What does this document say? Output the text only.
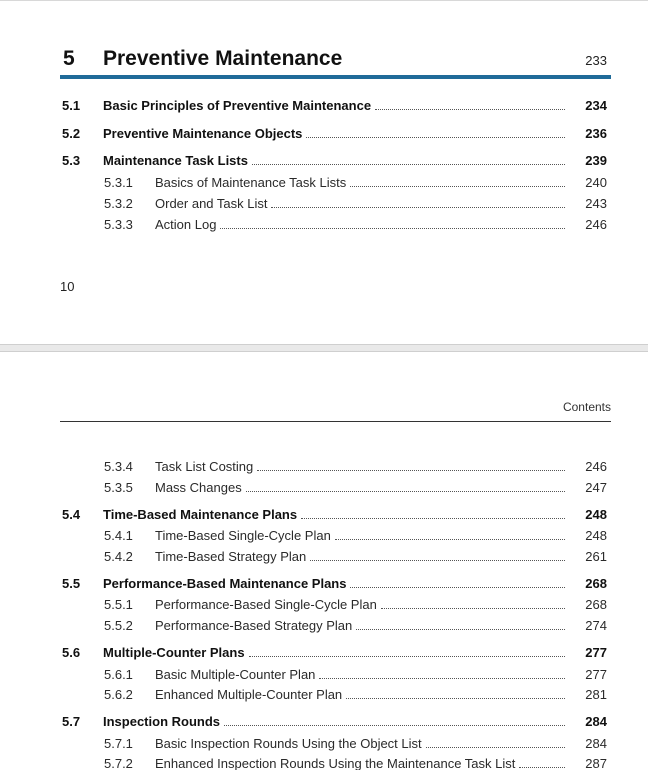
5 Preventive Maintenance	233
5.1 Basic Principles of Preventive Maintenance	234
5.2 Preventive Maintenance Objects	236
5.3 Maintenance Task Lists	239
5.3.1 Basics of Maintenance Task Lists	240
5.3.2 Order and Task List	243
5.3.3 Action Log	246
10
Contents
5.3.4 Task List Costing	246
5.3.5 Mass Changes	247
5.4 Time-Based Maintenance Plans	248
5.4.1 Time-Based Single-Cycle Plan	248
5.4.2 Time-Based Strategy Plan	261
5.5 Performance-Based Maintenance Plans	268
5.5.1 Performance-Based Single-Cycle Plan	268
5.5.2 Performance-Based Strategy Plan	274
5.6 Multiple-Counter Plans	277
5.6.1 Basic Multiple-Counter Plan	277
5.6.2 Enhanced Multiple-Counter Plan	281
5.7 Inspection Rounds	284
5.7.1 Basic Inspection Rounds Using the Object List	284
5.7.2 Enhanced Inspection Rounds Using the Maintenance Task List	287
